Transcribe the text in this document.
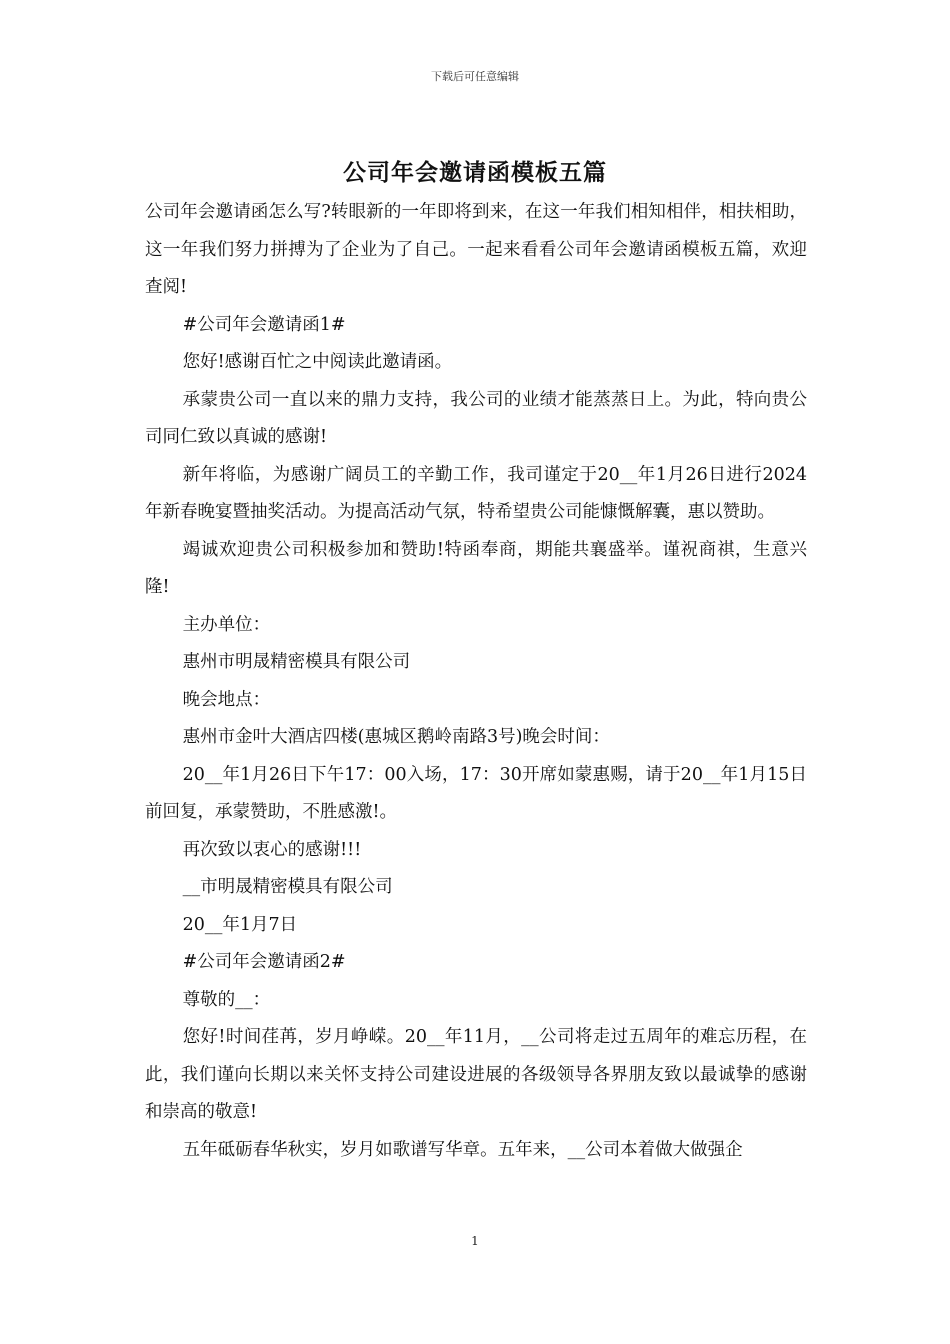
下载后可任意编辑
公司年会邀请函模板五篇

公司年会邀请函怎么写?转眼新的一年即将到来，在这一年我们相知相伴，相扶相助，这一年我们努力拼搏为了企业为了自己。一起来看看公司年会邀请函模板五篇，欢迎查阅!

#公司年会邀请函1#

您好!感谢百忙之中阅读此邀请函。

承蒙贵公司一直以来的鼎力支持，我公司的业绩才能蒸蒸日上。为此，特向贵公司同仁致以真诚的感谢!

新年将临，为感谢广阔员工的辛勤工作，我司谨定于20__年1月26日进行2024年新春晚宴暨抽奖活动。为提高活动气氛，特希望贵公司能慷慨解囊，惠以赞助。

竭诚欢迎贵公司积极参加和赞助!特函奉商，期能共襄盛举。谨祝商祺，生意兴隆!

主办单位：

惠州市明晟精密模具有限公司

晚会地点：

惠州市金叶大酒店四楼(惠城区鹅岭南路3号)晚会时间：

20__年1月26日下午17：00入场，17：30开席如蒙惠赐，请于20__年1月15日前回复，承蒙赞助，不胜感激!。

再次致以衷心的感谢!!!

__市明晟精密模具有限公司

20__年1月7日

#公司年会邀请函2#

尊敬的__：

您好!时间荏苒，岁月峥嵘。20__年11月，__公司将走过五周年的难忘历程，在此，我们谨向长期以来关怀支持公司建设进展的各级领导各界朋友致以最诚挚的感谢和崇高的敬意!

五年砥砺春华秋实，岁月如歌谱写华章。五年来，__公司本着做大做强企

1
